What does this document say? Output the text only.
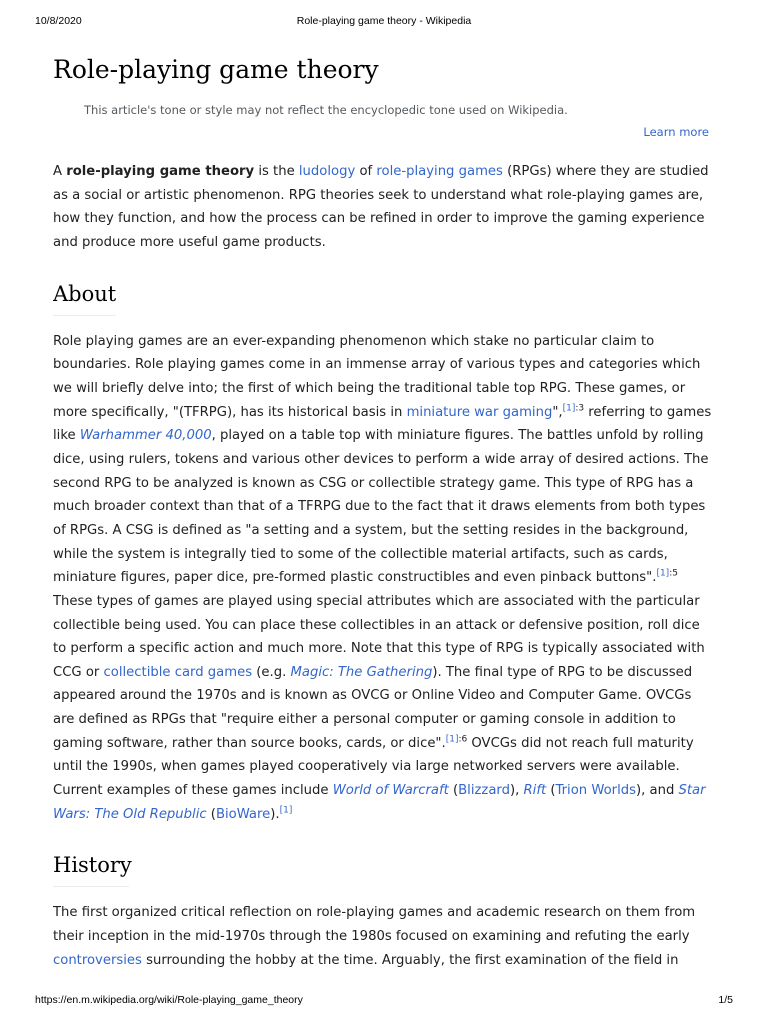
10/8/2020	Role-playing game theory - Wikipedia
Role-playing game theory
This article's tone or style may not reflect the encyclopedic tone used on Wikipedia.
Learn more

A role-playing game theory is the ludology of role-playing games (RPGs) where they are studied as a social or artistic phenomenon. RPG theories seek to understand what role-playing games are, how they function, and how the process can be refined in order to improve the gaming experience and produce more useful game products.

About

Role playing games are an ever-expanding phenomenon which stake no particular claim to boundaries. Role playing games come in an immense array of various types and categories which we will briefly delve into; the first of which being the traditional table top RPG. These games, or more specifically, "(TFRPG), has its historical basis in miniature war gaming",$^{[1]:3}$ referring to games like Warhammer 40,000, played on a table top with miniature figures. The battles unfold by rolling dice, using rulers, tokens and various other devices to perform a wide array of desired actions. The second RPG to be analyzed is known as CSG or collectible strategy game. This type of RPG has a much broader context than that of a TFRPG due to the fact that it draws elements from both types of RPGs. A CSG is defined as "a setting and a system, but the setting resides in the background, while the system is integrally tied to some of the collectible material artifacts, such as cards, miniature figures, paper dice, pre-formed plastic constructibles and even pinback buttons".$^{[1]:5}$ These types of games are played using special attributes which are associated with the particular collectible being used. You can place these collectibles in an attack or defensive position, roll dice to perform a specific action and much more. Note that this type of RPG is typically associated with CCG or collectible card games (e.g. Magic: The Gathering). The final type of RPG to be discussed appeared around the 1970s and is known as OVCG or Online Video and Computer Game. OVCGs are defined as RPGs that "require either a personal computer or gaming console in addition to gaming software, rather than source books, cards, or dice".$^{[1]:6}$ OVCGs did not reach full maturity until the 1990s, when games played cooperatively via large networked servers were available. Current examples of these games include World of Warcraft (Blizzard), Rift (Trion Worlds), and Star Wars: The Old Republic (BioWare).[1]

History

The first organized critical reflection on role-playing games and academic research on them from their inception in the mid-1970s through the 1980s focused on examining and refuting the early controversies surrounding the hobby at the time. Arguably, the first examination of the field in

https://en.m.wikipedia.org/wiki/Role-playing_game_theory	1/5
